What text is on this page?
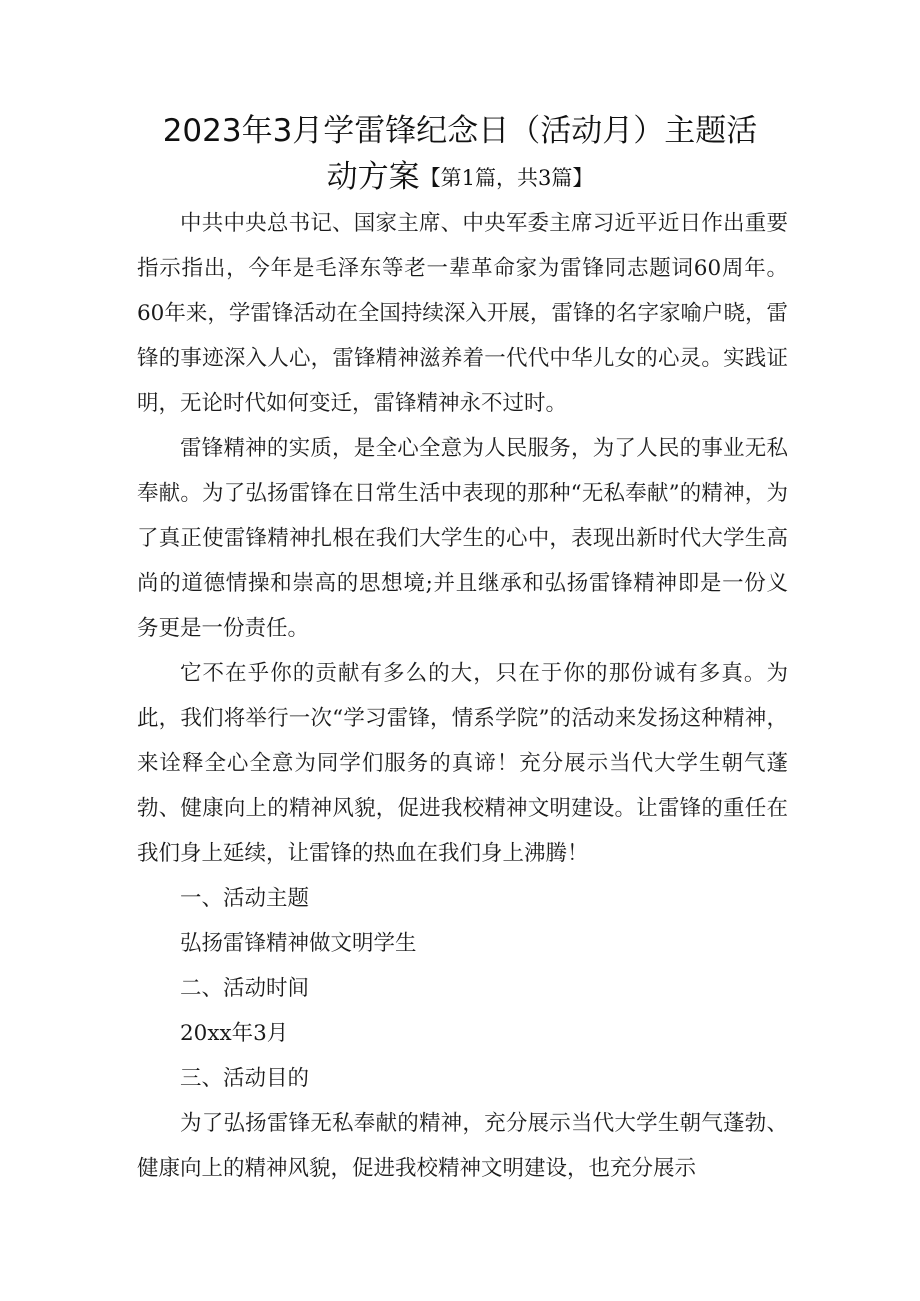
2023年3月学雷锋纪念日（活动月）主题活
动方案【第1篇，共3篇】

中共中央总书记、国家主席、中央军委主席习近平近日作出重要指示指出，今年是毛泽东等老一辈革命家为雷锋同志题词60周年。60年来，学雷锋活动在全国持续深入开展，雷锋的名字家喻户晓，雷锋的事迹深入人心，雷锋精神滋养着一代代中华儿女的心灵。实践证明，无论时代如何变迁，雷锋精神永不过时。

雷锋精神的实质，是全心全意为人民服务，为了人民的事业无私奉献。为了弘扬雷锋在日常生活中表现的那种“无私奉献”的精神，为了真正使雷锋精神扎根在我们大学生的心中，表现出新时代大学生高尚的道德情操和崇高的思想境;并且继承和弘扬雷锋精神即是一份义务更是一份责任。

它不在乎你的贡献有多么的大，只在于你的那份诚有多真。为此，我们将举行一次“学习雷锋，情系学院”的活动来发扬这种精神，来诠释全心全意为同学们服务的真谛！充分展示当代大学生朝气蓬勃、健康向上的精神风貌，促进我校精神文明建设。让雷锋的重任在我们身上延续，让雷锋的热血在我们身上沸腾！

一、活动主题

弘扬雷锋精神做文明学生

二、活动时间

20xx年3月

三、活动目的

为了弘扬雷锋无私奉献的精神，充分展示当代大学生朝气蓬勃、健康向上的精神风貌，促进我校精神文明建设，也充分展示
